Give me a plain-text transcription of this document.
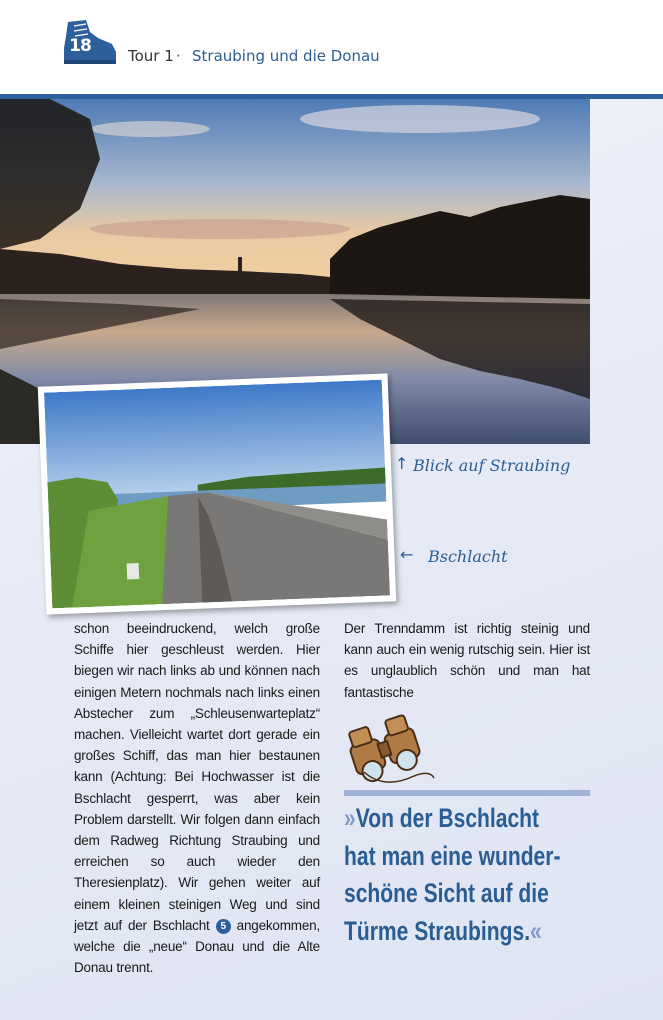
18 Tour 1 · Straubing und die Donau
↑ Blick auf Straubing
← Bschlacht

schon beeindruckend, welch große Schiffe hier geschleust werden. Hier biegen wir nach links ab und können nach einigen Metern nochmals nach links einen Abstecher zum „Schleusenwarteplatz“ machen. Vielleicht wartet dort gerade ein großes Schiff, das man hier bestaunen kann (Achtung: Bei Hochwasser ist die Bschlacht gesperrt, was aber kein Problem darstellt. Wir folgen dann einfach dem Radweg Richtung Straubing und erreichen so auch wieder den Theresienplatz). Wir gehen weiter auf einem kleinen steinigen Weg und sind jetzt auf der Bschlacht 5 angekommen, welche die „neue“ Donau und die Alte Donau trennt.

Der Trenndamm ist richtig steinig und kann auch ein wenig rutschig sein. Hier ist es unglaublich schön und man hat fantastische

»Von der Bschlacht
hat man eine wunder-
schöne Sicht auf die
Türme Straubings.«
